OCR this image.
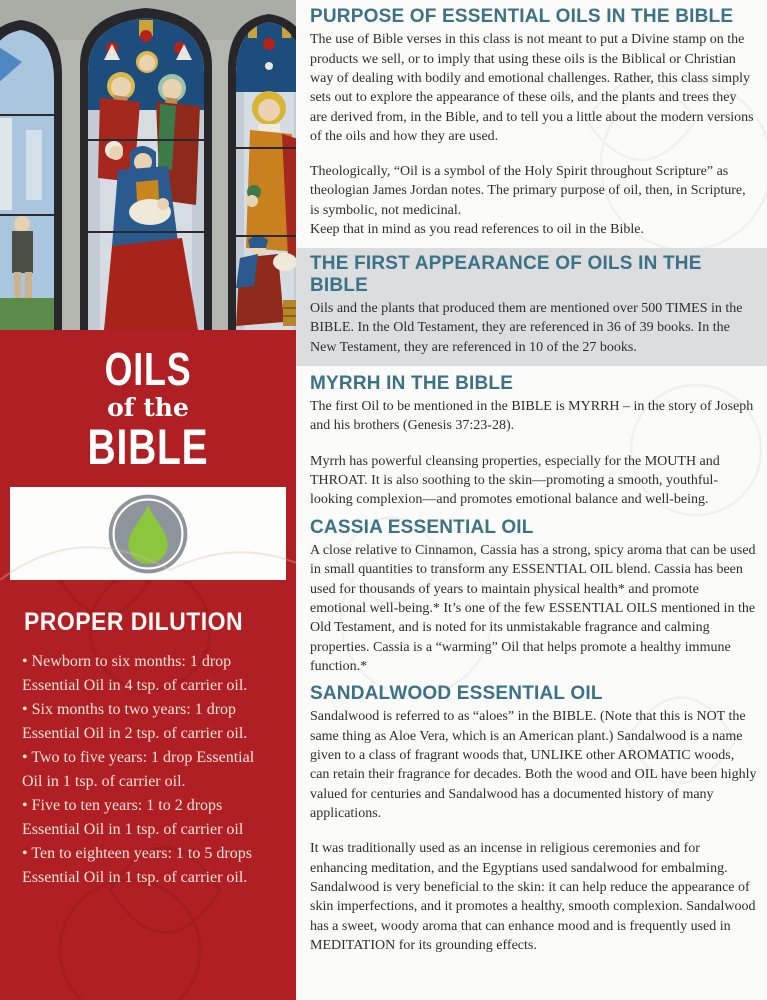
OILS
of the
BIBLE
PROPER DILUTION

• Newborn to six months: 1 drop Essential Oil in 4 tsp. of carrier oil.

• Six months to two years: 1 drop Essential Oil in 2 tsp. of carrier oil.

• Two to five years: 1 drop Essential Oil in 1 tsp. of carrier oil.

• Five to ten years: 1 to 2 drops Essential Oil in 1 tsp. of carrier oil

• Ten to eighteen years: 1 to 5 drops Essential Oil in 1 tsp. of carrier oil.

PURPOSE OF ESSENTIAL OILS IN THE BIBLE

The use of Bible verses in this class is not meant to put a Divine stamp on the products we sell, or to imply that using these oils is the Biblical or Christian way of dealing with bodily and emotional challenges. Rather, this class simply sets out to explore the appearance of these oils, and the plants and trees they are derived from, in the Bible, and to tell you a little about the modern versions of the oils and how they are used.

Theologically, “Oil is a symbol of the Holy Spirit throughout Scripture” as theologian James Jordan notes. The primary purpose of oil, then, in Scripture, is symbolic, not medicinal.

Keep that in mind as you read references to oil in the Bible.

THE FIRST APPEARANCE OF OILS IN THE BIBLE

Oils and the plants that produced them are mentioned over 500 TIMES in the BIBLE. In the Old Testament, they are referenced in 36 of 39 books. In the New Testament, they are referenced in 10 of the 27 books.

MYRRH IN THE BIBLE

The first Oil to be mentioned in the BIBLE is MYRRH – in the story of Joseph and his brothers (Genesis 37:23-28).

Myrrh has powerful cleansing properties, especially for the MOUTH and THROAT. It is also soothing to the skin—promoting a smooth, youthful-looking complexion—and promotes emotional balance and well-being.

CASSIA ESSENTIAL OIL

A close relative to Cinnamon, Cassia has a strong, spicy aroma that can be used in small quantities to transform any ESSENTIAL OIL blend. Cassia has been used for thousands of years to maintain physical health* and promote emotional well-being.* It’s one of the few ESSENTIAL OILS mentioned in the Old Testament, and is noted for its unmistakable fragrance and calming properties. Cassia is a “warming” Oil that helps promote a healthy immune function.*

SANDALWOOD ESSENTIAL OIL

Sandalwood is referred to as “aloes” in the BIBLE. (Note that this is NOT the same thing as Aloe Vera, which is an American plant.) Sandalwood is a name given to a class of fragrant woods that, UNLIKE other AROMATIC woods, can retain their fragrance for decades. Both the wood and OIL have been highly valued for centuries and Sandalwood has a documented history of many applications.

It was traditionally used as an incense in religious ceremonies and for enhancing meditation, and the Egyptians used sandalwood for embalming. Sandalwood is very beneficial to the skin: it can help reduce the appearance of skin imperfections, and it promotes a healthy, smooth complexion. Sandalwood has a sweet, woody aroma that can enhance mood and is frequently used in MEDITATION for its grounding effects.
